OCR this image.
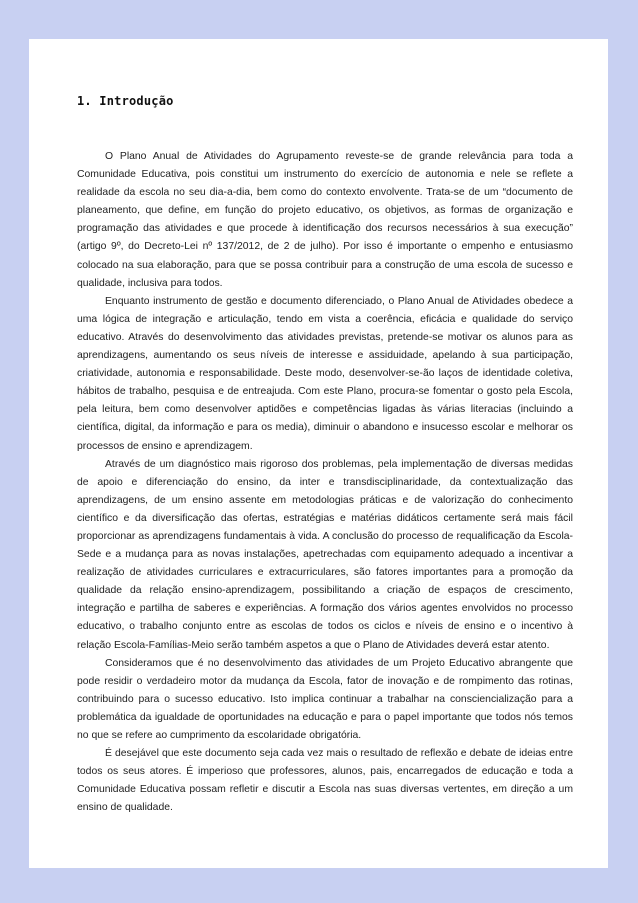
1. Introdução

O Plano Anual de Atividades do Agrupamento reveste-se de grande relevância para toda a Comunidade Educativa, pois constitui um instrumento do exercício de autonomia e nele se reflete a realidade da escola no seu dia-a-dia, bem como do contexto envolvente. Trata-se de um “documento de planeamento, que define, em função do projeto educativo, os objetivos, as formas de organização e programação das atividades e que procede à identificação dos recursos necessários à sua execução” (artigo 9º, do Decreto-Lei nº 137/2012, de 2 de julho). Por isso é importante o empenho e entusiasmo colocado na sua elaboração, para que se possa contribuir para a construção de uma escola de sucesso e qualidade, inclusiva para todos.

Enquanto instrumento de gestão e documento diferenciado, o Plano Anual de Atividades obedece a uma lógica de integração e articulação, tendo em vista a coerência, eficácia e qualidade do serviço educativo. Através do desenvolvimento das atividades previstas, pretende-se motivar os alunos para as aprendizagens, aumentando os seus níveis de interesse e assiduidade, apelando à sua participação, criatividade, autonomia e responsabilidade. Deste modo, desenvolver-se-ão laços de identidade coletiva, hábitos de trabalho, pesquisa e de entreajuda. Com este Plano, procura-se fomentar o gosto pela Escola, pela leitura, bem como desenvolver aptidões e competências ligadas às várias literacias (incluindo a científica, digital, da informação e para os media), diminuir o abandono e insucesso escolar e melhorar os processos de ensino e aprendizagem.

Através de um diagnóstico mais rigoroso dos problemas, pela implementação de diversas medidas de apoio e diferenciação do ensino, da inter e transdisciplinaridade, da contextualização das aprendizagens, de um ensino assente em metodologias práticas e de valorização do conhecimento científico e da diversificação das ofertas, estratégias e matérias didáticos certamente será mais fácil proporcionar as aprendizagens fundamentais à vida. A conclusão do processo de requalificação da Escola-Sede e a mudança para as novas instalações, apetrechadas com equipamento adequado a incentivar a realização de atividades curriculares e extracurriculares, são fatores importantes para a promoção da qualidade da relação ensino-aprendizagem, possibilitando a criação de espaços de crescimento, integração e partilha de saberes e experiências. A formação dos vários agentes envolvidos no processo educativo, o trabalho conjunto entre as escolas de todos os ciclos e níveis de ensino e o incentivo à relação Escola-Famílias-Meio serão também aspetos a que o Plano de Atividades deverá estar atento.

Consideramos que é no desenvolvimento das atividades de um Projeto Educativo abrangente que pode residir o verdadeiro motor da mudança da Escola, fator de inovação e de rompimento das rotinas, contribuindo para o sucesso educativo. Isto implica continuar a trabalhar na consciencialização para a problemática da igualdade de oportunidades na educação e para o papel importante que todos nós temos no que se refere ao cumprimento da escolaridade obrigatória.

É desejável que este documento seja cada vez mais o resultado de reflexão e debate de ideias entre todos os seus atores. É imperioso que professores, alunos, pais, encarregados de educação e toda a Comunidade Educativa possam refletir e discutir a Escola nas suas diversas vertentes, em direção a um ensino de qualidade.
